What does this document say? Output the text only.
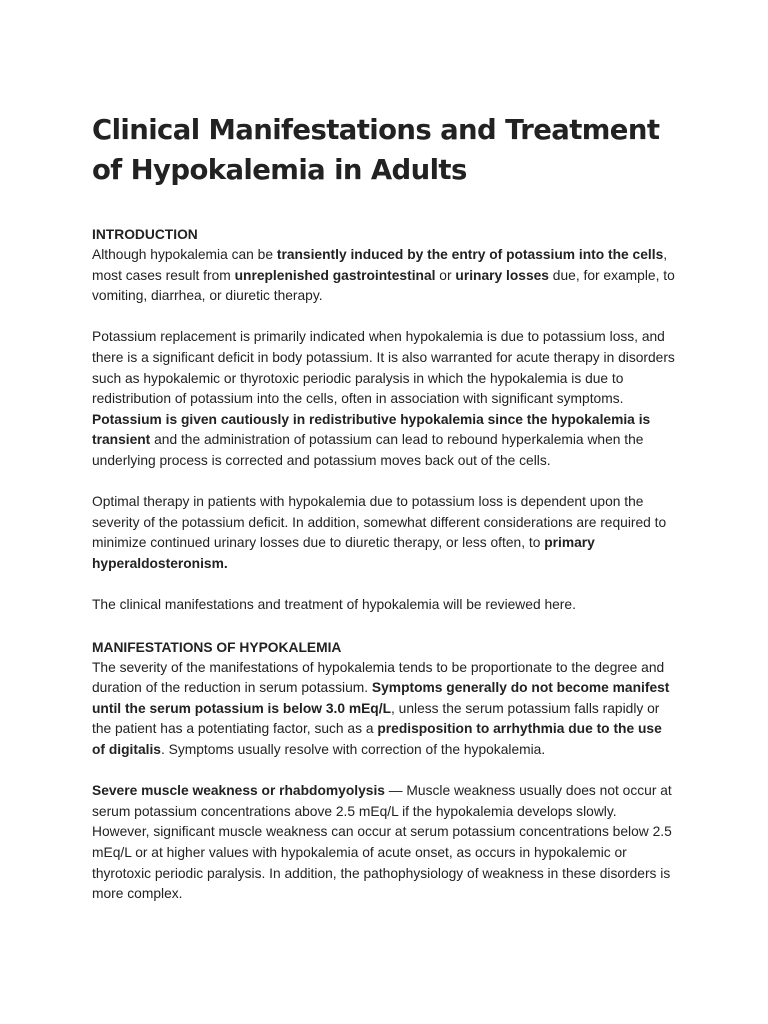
Clinical Manifestations and Treatment of Hypokalemia in Adults
INTRODUCTION

Although hypokalemia can be transiently induced by the entry of potassium into the cells, most cases result from unreplenished gastrointestinal or urinary losses due, for example, to vomiting, diarrhea, or diuretic therapy.

Potassium replacement is primarily indicated when hypokalemia is due to potassium loss, and there is a significant deficit in body potassium. It is also warranted for acute therapy in disorders such as hypokalemic or thyrotoxic periodic paralysis in which the hypokalemia is due to redistribution of potassium into the cells, often in association with significant symptoms. Potassium is given cautiously in redistributive hypokalemia since the hypokalemia is transient and the administration of potassium can lead to rebound hyperkalemia when the underlying process is corrected and potassium moves back out of the cells.

Optimal therapy in patients with hypokalemia due to potassium loss is dependent upon the severity of the potassium deficit. In addition, somewhat different considerations are required to minimize continued urinary losses due to diuretic therapy, or less often, to primary hyperaldosteronism.

The clinical manifestations and treatment of hypokalemia will be reviewed here.

MANIFESTATIONS OF HYPOKALEMIA

The severity of the manifestations of hypokalemia tends to be proportionate to the degree and duration of the reduction in serum potassium. Symptoms generally do not become manifest until the serum potassium is below 3.0 mEq/L, unless the serum potassium falls rapidly or the patient has a potentiating factor, such as a predisposition to arrhythmia due to the use of digitalis. Symptoms usually resolve with correction of the hypokalemia.

Severe muscle weakness or rhabdomyolysis — Muscle weakness usually does not occur at serum potassium concentrations above 2.5 mEq/L if the hypokalemia develops slowly. However, significant muscle weakness can occur at serum potassium concentrations below 2.5 mEq/L or at higher values with hypokalemia of acute onset, as occurs in hypokalemic or thyrotoxic periodic paralysis. In addition, the pathophysiology of weakness in these disorders is more complex.
